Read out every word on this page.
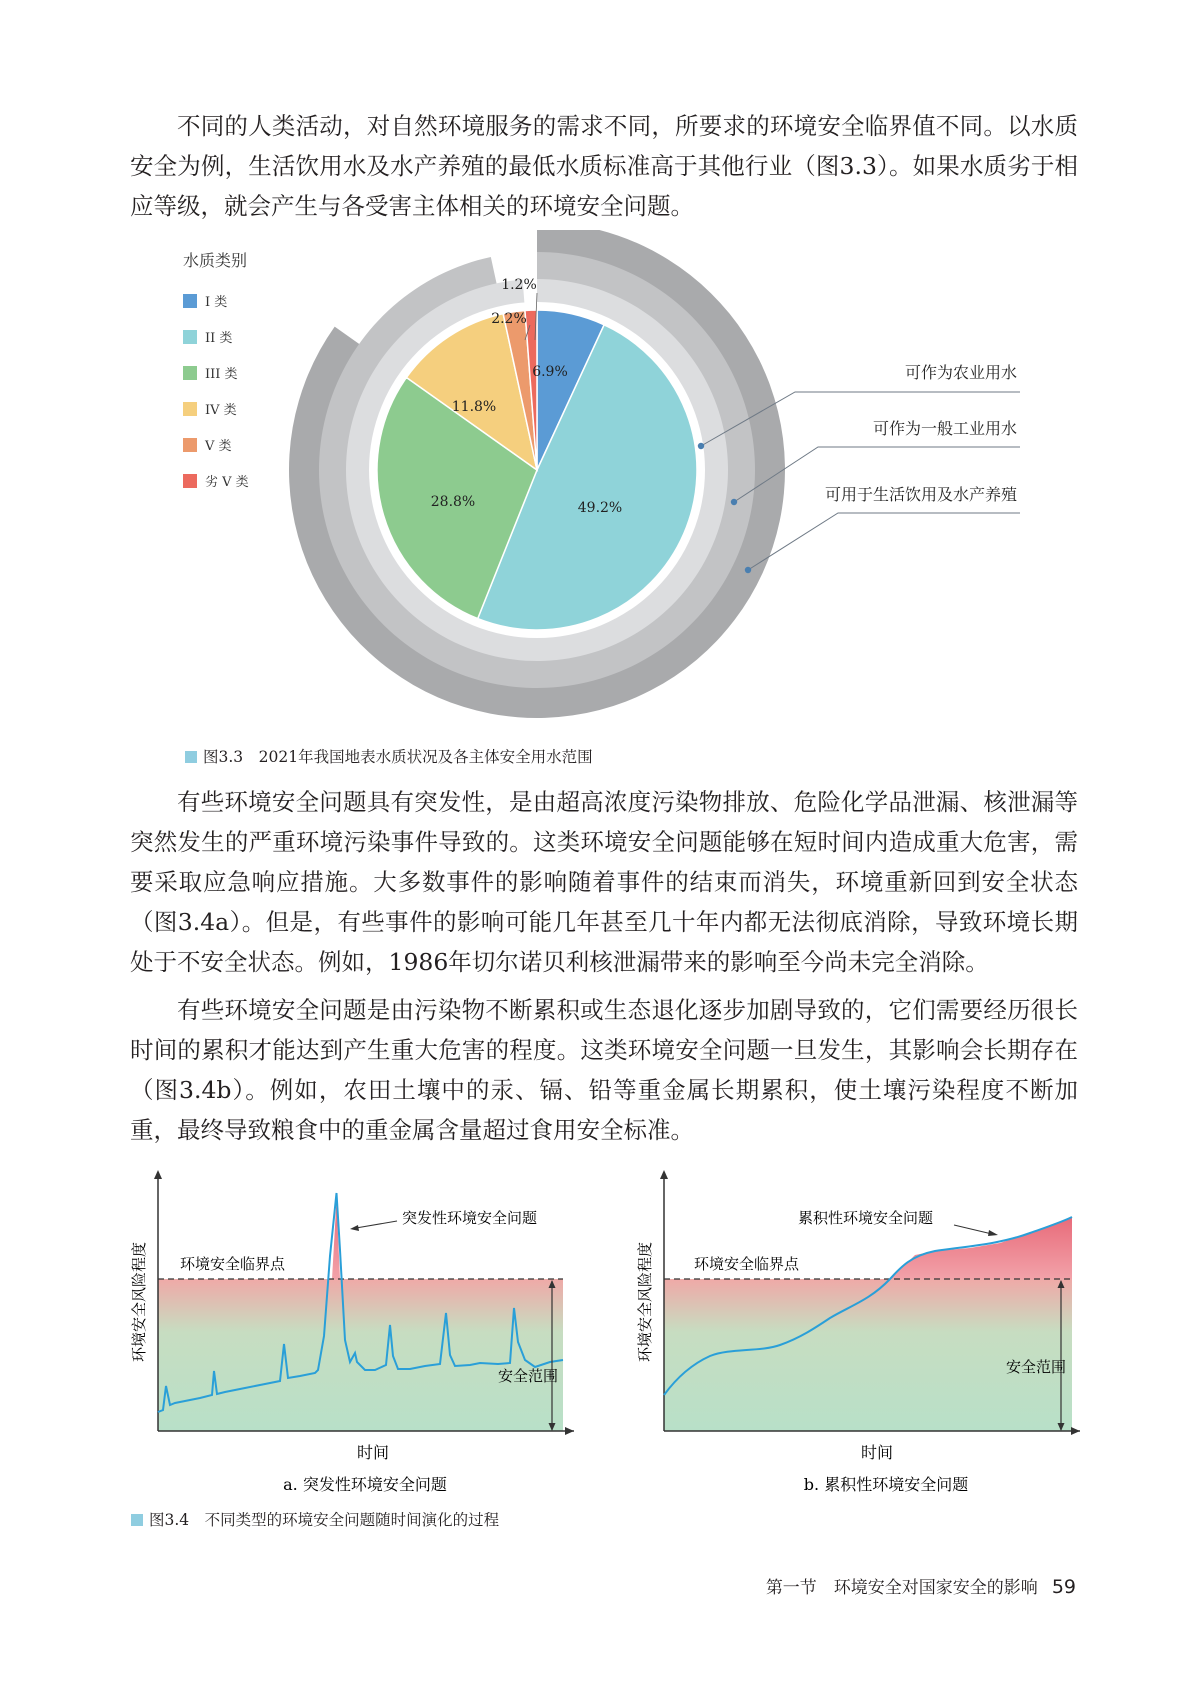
不同的人类活动，对自然环境服务的需求不同，所要求的环境安全临界值不同。以水质安全为例，生活饮用水及水产养殖的最低水质标准高于其他行业（图3.3）。如果水质劣于相应等级，就会产生与各受害主体相关的环境安全问题。

6.9%
49.2%
28.8%
11.8%
2.2%
1.2%
水质类别
I 类
II 类
III 类
IV 类
V 类
劣 V 类
可作为农业用水
可作为一般工业用水
可用于生活饮用及水产养殖
图3.3　2021年我国地表水质状况及各主体安全用水范围

有些环境安全问题具有突发性，是由超高浓度污染物排放、危险化学品泄漏、核泄漏等突然发生的严重环境污染事件导致的。这类环境安全问题能够在短时间内造成重大危害，需要采取应急响应措施。大多数事件的影响随着事件的结束而消失，环境重新回到安全状态（图3.4a）。但是，有些事件的影响可能几年甚至几十年内都无法彻底消除，导致环境长期处于不安全状态。例如，1986年切尔诺贝利核泄漏带来的影响至今尚未完全消除。

有些环境安全问题是由污染物不断累积或生态退化逐步加剧导致的，它们需要经历很长时间的累积才能达到产生重大危害的程度。这类环境安全问题一旦发生，其影响会长期存在（图3.4b）。例如，农田土壤中的汞、镉、铅等重金属长期累积，使土壤污染程度不断加重，最终导致粮食中的重金属含量超过食用安全标准。

突发性环境安全问题
环境安全临界点
安全范围
环境安全风险程度
时间
a. 突发性环境安全问题
累积性环境安全问题
环境安全临界点
安全范围
环境安全风险程度
时间
b. 累积性环境安全问题
图3.4　不同类型的环境安全问题随时间演化的过程
第一节　环境安全对国家安全的影响 59
